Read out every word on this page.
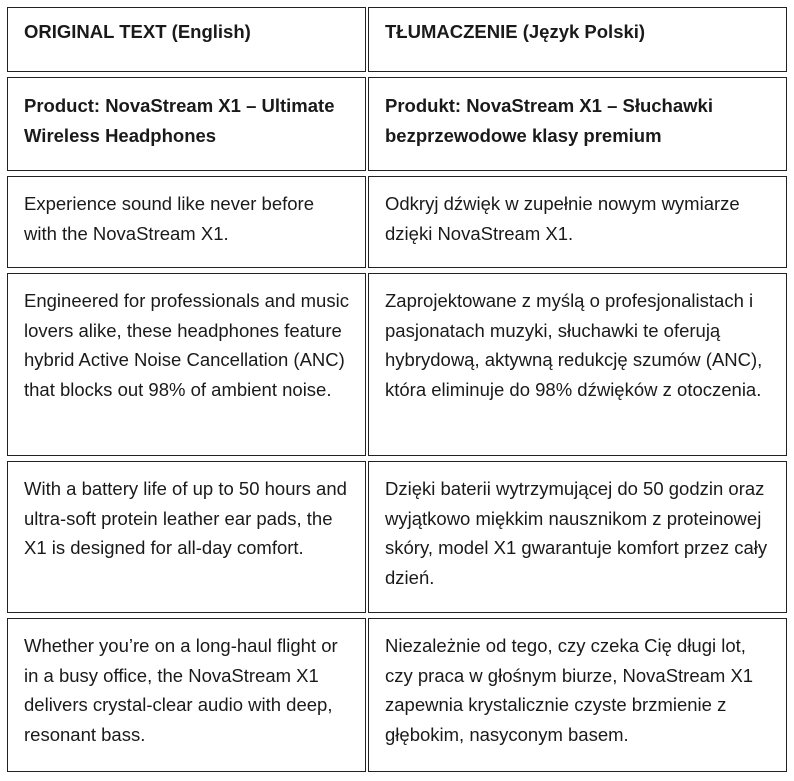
ORIGINAL TEXT (English)	TŁUMACZENIE (Język Polski)
Product: NovaStream X1 – Ultimate Wireless Headphones
Produkt: NovaStream X1 – Słuchawki bezprzewodowe klasy premium
Experience sound like never before with the NovaStream X1.
Odkryj dźwięk w zupełnie nowym wymiarze dzięki NovaStream X1.
Engineered for professionals and music lovers alike, these headphones feature hybrid Active Noise Cancellation (ANC) that blocks out 98% of ambient noise.
Zaprojektowane z myślą o profesjonalistach i pasjonatach muzyki, słuchawki te oferują hybrydową, aktywną redukcję szumów (ANC), która eliminuje do 98% dźwięków z otoczenia.
With a battery life of up to 50 hours and ultra-soft protein leather ear pads, the X1 is designed for all-day comfort.
Dzięki baterii wytrzymującej do 50 godzin oraz wyjątkowo miękkim nausznikom z proteinowej skóry, model X1 gwarantuje komfort przez cały dzień.
Whether you’re on a long-haul flight or in a busy office, the NovaStream X1 delivers crystal-clear audio with deep, resonant bass.
Niezależnie od tego, czy czeka Cię długi lot, czy praca w głośnym biurze, NovaStream X1 zapewnia krystalicznie czyste brzmienie z głębokim, nasyconym basem.
